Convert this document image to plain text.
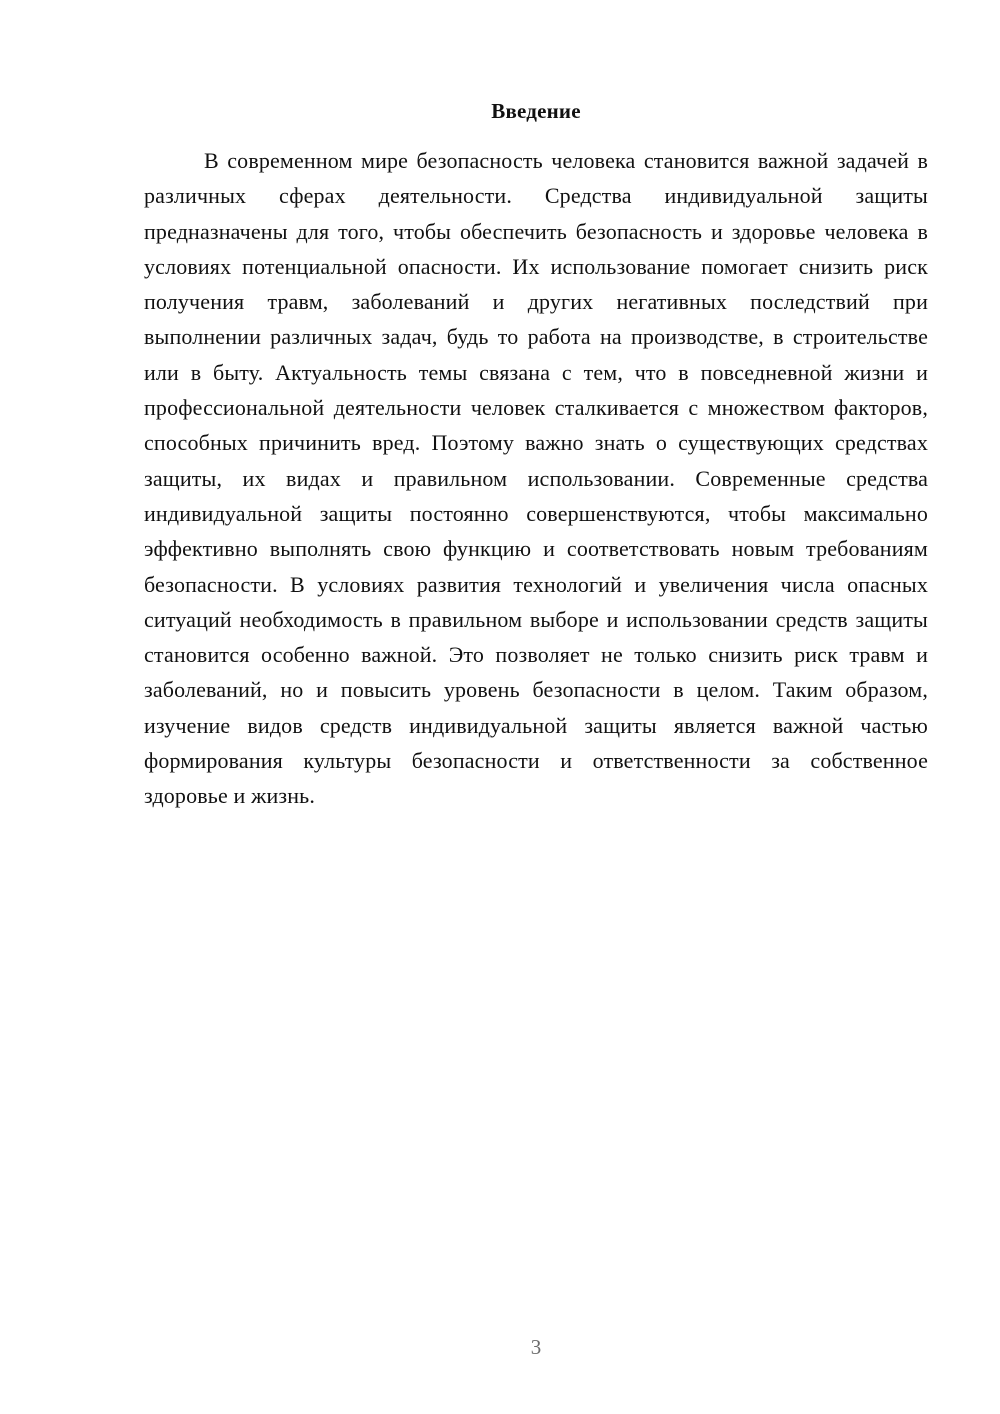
Введение

В современном мире безопасность человека становится важной задачей в различных сферах деятельности. Средства индивидуальной защиты предназначены для того, чтобы обеспечить безопасность и здоровье человека в условиях потенциальной опасности. Их использование помогает снизить риск получения травм, заболеваний и других негативных последствий при выполнении различных задач, будь то работа на производстве, в строительстве или в быту. Актуальность темы связана с тем, что в повседневной жизни и профессиональной деятельности человек сталкивается с множеством факторов, способных причинить вред. Поэтому важно знать о существующих средствах защиты, их видах и правильном использовании. Современные средства индивидуальной защиты постоянно совершенствуются, чтобы максимально эффективно выполнять свою функцию и соответствовать новым требованиям безопасности. В условиях развития технологий и увеличения числа опасных ситуаций необходимость в правильном выборе и использовании средств защиты становится особенно важной. Это позволяет не только снизить риск травм и заболеваний, но и повысить уровень безопасности в целом. Таким образом, изучение видов средств индивидуальной защиты является важной частью формирования культуры безопасности и ответственности за собственное здоровье и жизнь.

3
